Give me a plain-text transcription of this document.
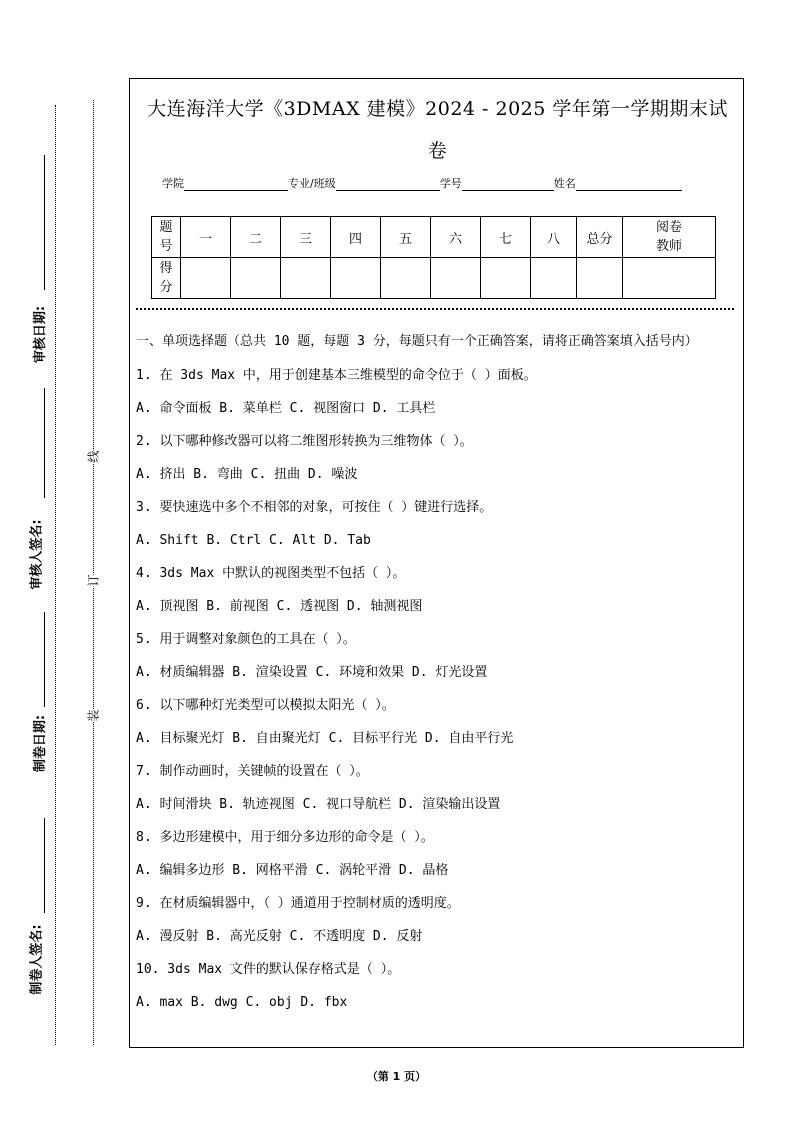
审核日期:
审核人签名:
制卷日期:
制卷人签名:
线
订
装
大连海洋大学《3DMAX 建模》2024 - 2025 学年第一学期期末试
卷
学院	专业/班级	学号	姓名
题
号	一	二	三	四	五	六	七	八	总分	阅卷
教师
得
分										
一、单项选择题（总共 10 题，每题 3 分，每题只有一个正确答案，请将正确答案填入括号内）
1. 在 3ds Max 中，用于创建基本三维模型的命令位于（ ）面板。
A. 命令面板 B. 菜单栏 C. 视图窗口 D. 工具栏
2. 以下哪种修改器可以将二维图形转换为三维物体（ ）。
A. 挤出 B. 弯曲 C. 扭曲 D. 噪波
3. 要快速选中多个不相邻的对象，可按住（ ）键进行选择。
A. Shift B. Ctrl C. Alt D. Tab
4. 3ds Max 中默认的视图类型不包括（ ）。
A. 顶视图 B. 前视图 C. 透视图 D. 轴测视图
5. 用于调整对象颜色的工具在（ ）。
A. 材质编辑器 B. 渲染设置 C. 环境和效果 D. 灯光设置
6. 以下哪种灯光类型可以模拟太阳光（ ）。
A. 目标聚光灯 B. 自由聚光灯 C. 目标平行光 D. 自由平行光
7. 制作动画时，关键帧的设置在（ ）。
A. 时间滑块 B. 轨迹视图 C. 视口导航栏 D. 渲染输出设置
8. 多边形建模中，用于细分多边形的命令是（ ）。
A. 编辑多边形 B. 网格平滑 C. 涡轮平滑 D. 晶格
9. 在材质编辑器中，（ ）通道用于控制材质的透明度。
A. 漫反射 B. 高光反射 C. 不透明度 D. 反射
10. 3ds Max 文件的默认保存格式是（ ）。
A. max B. dwg C. obj D. fbx
（第 1 页）
